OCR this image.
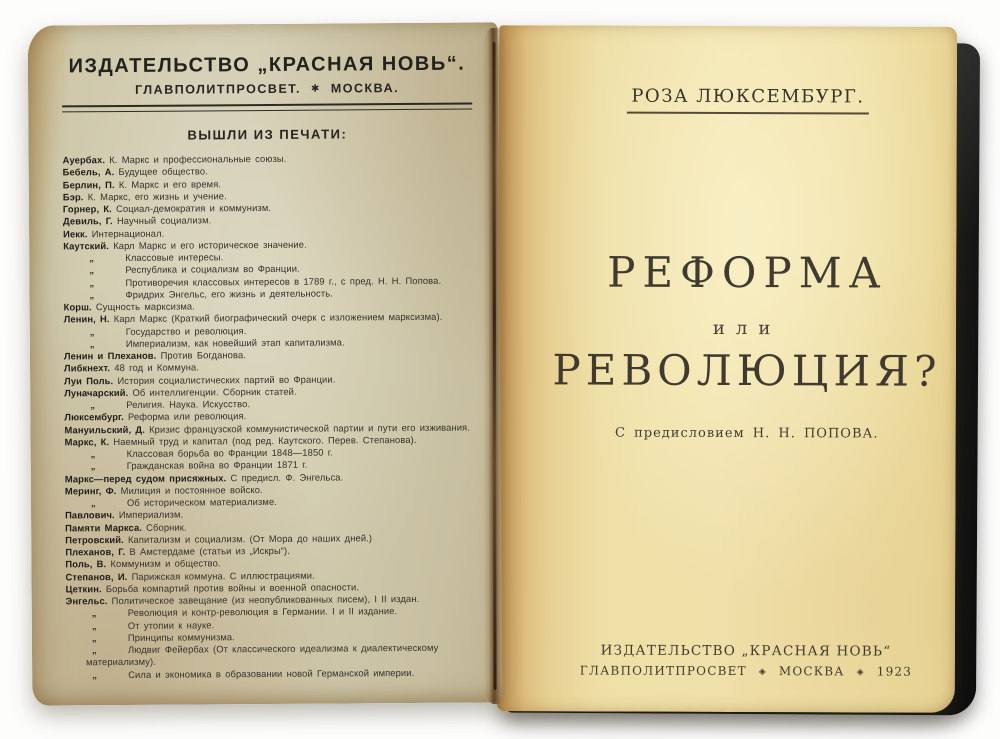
ИЗДАТЕЛЬСТВО „КРАСНАЯ НОВЬ“.
ГЛАВПОЛИТПРОСВЕТ. ✱ МОСКВА.
ВЫШЛИ ИЗ ПЕЧАТИ:
Ауербах. К. Маркс и профессиональные союзы.
Бебель, А. Будущее общество.
Берлин, П. К. Маркс и его время.
Бэр. К. Маркс, его жизнь и учение.
Горнер, К. Социал-демократия и коммунизм.
Девиль, Г. Научный социализм.
Иекк. Интернационал.
Каутский. Карл Маркс и его историческое значение.
„	Классовые интересы.
„	Республика и социализм во Франции.
„	Противоречия классовых интересов в 1789 г., с пред. Н. Н. Попова.
„	Фридрих Энгельс, его жизнь и деятельность.
Корш. Сущность марксизма.
Ленин, Н. Карл Маркс (Краткий биографический очерк с изложением марксизма).
„	Государство и революция.
„	Империализм, как новейший этап капитализма.
Ленин и Плеханов. Против Богданова.
Либкнехт. 48 год и Коммуна.
Луи Поль. История социалистических партий во Франции.
Луначарский. Об интеллигенции. Сборник статей.
„	Религия. Наука. Искусство.
Люксембург. Реформа или революция.
Мануильский, Д. Кризис французской коммунистической партии и пути его изживания.
Маркс, К. Наемный труд и капитал (под ред. Каутского. Перев. Степанова).
„	Классовая борьба во Франции 1848—1850 г.
„	Гражданская война во Франции 1871 г.
Маркс—перед судом присяжных. С предисл. Ф. Энгельса.
Меринг, Ф. Милиция и постоянное войско.
„	Об историческом материализме.
Павлович. Империализм.
Памяти Маркса. Сборник.
Петровский. Капитализм и социализм. (От Мора до наших дней.)
Плеханов, Г. В Амстердаме (статьи из „Искры“).
Поль, В. Коммунизм и общество.
Степанов, И. Парижская коммуна. С иллюстрациями.
Цеткин. Борьба компартий против войны и военной опасности.
Энгельс. Политическое завещание (из неопубликованных писем), I II издан.
„	Революция и контр-революция в Германии. I и II издание.
„	От утопии к науке.
„	Принципы коммунизма.
„	Людвиг Фейербах (От классического идеализма к диалектическому материализму).
„	Сила и экономика в образовании новой Германской империи.
РОЗА ЛЮКСЕМБУРГ.
РЕФОРМА
или
РЕВОЛЮЦИЯ?
С предисловием Н. Н. ПОПОВА.
ИЗДАТЕЛЬСТВО „КРАСНАЯ НОВЬ“
ГЛАВПОЛИТПРОСВЕТ ◈ МОСКВА ◈ 1923
